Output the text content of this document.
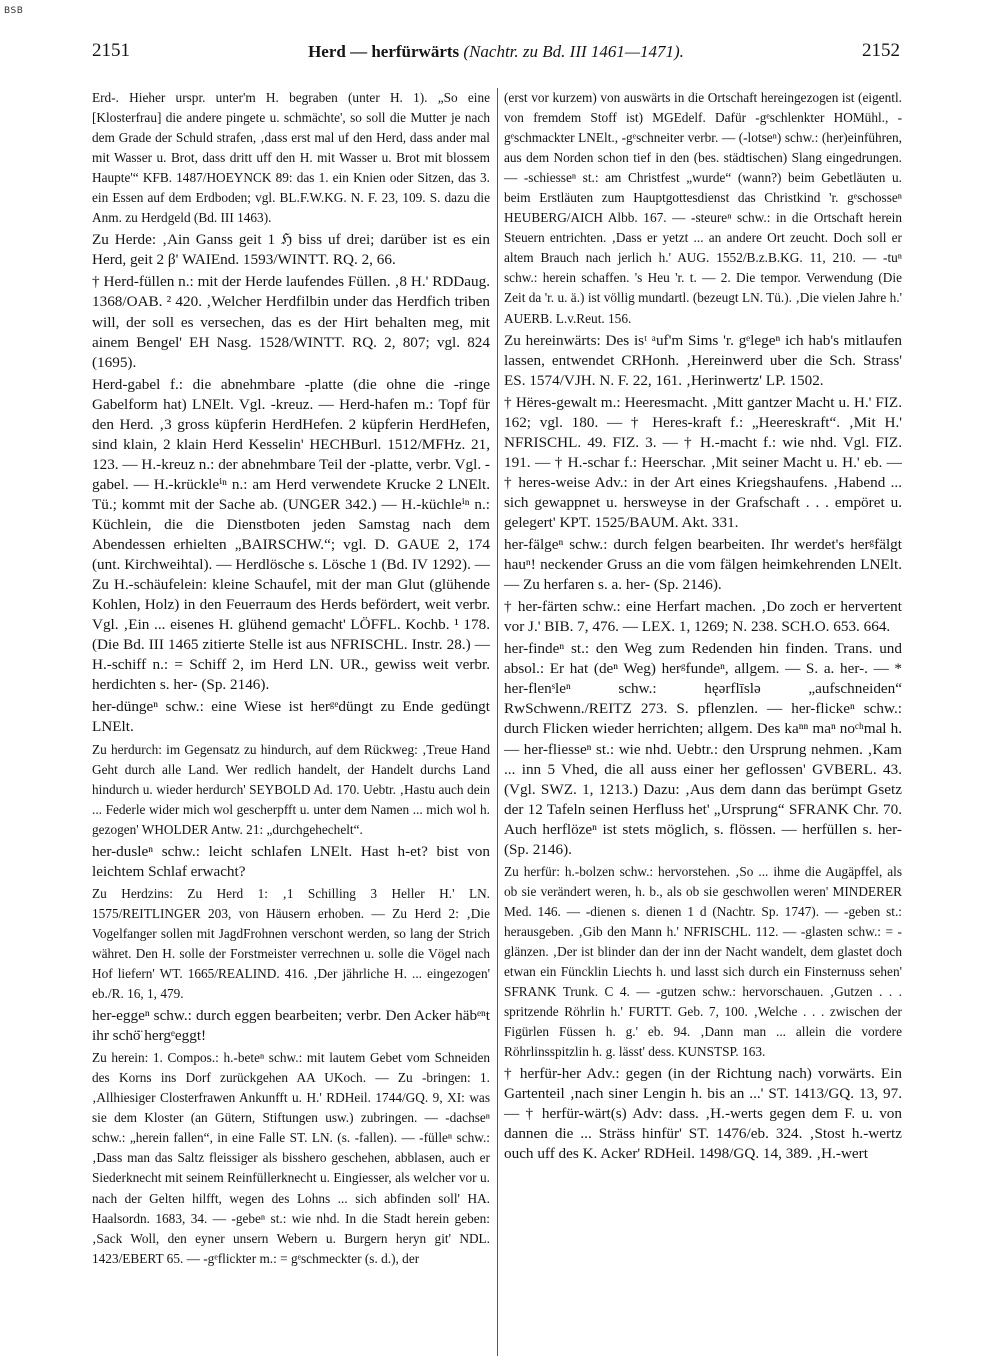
BSB
2151	Herd — herfürwärts (Nachtr. zu Bd. III 1461—1471).	2152

Erd-. Hieher urspr. unter'm H. begraben (unter H. 1). „So eine [Klosterfrau] die andere pingete u. schmächte', so soll die Mutter je nach dem Grade der Schuld strafen, ‚dass erst mal uf den Herd, dass ander mal mit Wasser u. Brot, dass dritt uff den H. mit Wasser u. Brot mit blossem Haupte'“ KFB. 1487/HOEYNCK 89: das 1. ein Knien oder Sitzen, das 3. ein Essen auf dem Erdboden; vgl. BL.F.W.KG. N. F. 23, 109. S. dazu die Anm. zu Herdgeld (Bd. III 1463).

Zu Herde: ‚Ain Ganss geit 1 ℌ biss uf drei; darüber ist es ein Herd, geit 2 β' WAIEnd. 1593/WINTT. RQ. 2, 66.

† Herd-füllen n.: mit der Herde laufendes Füllen. ‚8 H.' RDDaug. 1368/OAB. ² 420. ‚Welcher Herdfilbin under das Herdfich triben will, der soll es versechen, das es der Hirt behalten meg, mit ainem Bengel' EH Nasg. 1528/WINTT. RQ. 2, 807; vgl. 824 (1695).

Herd-gabel f.: die abnehmbare -platte (die ohne die -ringe Gabelform hat) LNElt. Vgl. -kreuz. — Herd-hafen m.: Topf für den Herd. ‚3 gross küpferin HerdHefen. 2 küpferin HerdHefen, sind klain, 2 klain Herd Kesselin' HECHBurl. 1512/MFHz. 21, 123. — H.-kreuz n.: der abnehmbare Teil der -platte, verbr. Vgl. -gabel. — H.-krückleⁱⁿ n.: am Herd verwendete Krucke 2 LNElt. Tü.; kommt mit der Sache ab. (UNGER 342.) — H.-küchleⁱⁿ n.: Küchlein, die die Dienstboten jeden Samstag nach dem Abendessen erhielten „BAIRSCHW.“; vgl. D. GAUE 2, 174 (unt. Kirchweihtal). — Herdlösche s. Lösche 1 (Bd. IV 1292). — Zu H.-schäufelein: kleine Schaufel, mit der man Glut (glühende Kohlen, Holz) in den Feuerraum des Herds befördert, weit verbr. Vgl. ‚Ein ... eisenes H. glühend gemacht' LÖFFL. Kochb. ¹ 178. (Die Bd. III 1465 zitierte Stelle ist aus NFRISCHL. Instr. 28.) — H.-schiff n.: = Schiff 2, im Herd LN. UR., gewiss weit verbr. herdichten s. her- (Sp. 2146).

her-düngeⁿ schw.: eine Wiese ist herᵍᵉdüngt zu Ende gedüngt LNElt.

Zu herdurch: im Gegensatz zu hindurch, auf dem Rückweg: ‚Treue Hand Geht durch alle Land. Wer redlich handelt, der Handelt durchs Land hindurch u. wieder herdurch' SEYBOLD Ad. 170. Uebtr. ‚Hastu auch dein ... Federle wider mich wol gescherpfft u. unter dem Namen ... mich wol h. gezogen' WHOLDER Antw. 21: „durchgehechelt“.

her-dusleⁿ schw.: leicht schlafen LNElt. Hast h-et? bist von leichtem Schlaf erwacht?

Zu Herdzins: Zu Herd 1: ‚1 Schilling 3 Heller H.' LN. 1575/REITLINGER 203, von Häusern erhoben. — Zu Herd 2: ‚Die Vogelfanger sollen mit JagdFrohnen verschont werden, so lang der Strich währet. Den H. solle der Forstmeister verrechnen u. solle die Vögel nach Hof liefern' WT. 1665/REALIND. 416. ‚Der jährliche H. ... eingezogen' eb./R. 16, 1, 479.

her-eggeⁿ schw.: durch eggen bearbeiten; verbr. Den Acker häbᵉⁿt ihr schö̈ hergᵉeggt!

Zu herein: 1. Compos.: h.-beteⁿ schw.: mit lautem Gebet vom Schneiden des Korns ins Dorf zurückgehen AA UKoch. — Zu -bringen: 1. ‚Allhiesiger Closterfrawen Ankunfft u. H.' RDHeil. 1744/GQ. 9, XI: was sie dem Kloster (an Gütern, Stiftungen usw.) zubringen. — -dachseⁿ schw.: „herein fallen“, in eine Falle ST. LN. (s. -fallen). — -fülleⁿ schw.: ‚Dass man das Saltz fleissiger als bisshero geschehen, abblasen, auch er Siederknecht mit seinem Reinfüllerknecht u. Eingiesser, als welcher vor u. nach der Gelten hilfft, wegen des Lohns ... sich abfinden soll' HA. Haalsordn. 1683, 34. — -gebeⁿ st.: wie nhd. In die Stadt herein geben: ‚Sack Woll, den eyner unsern Webern u. Burgern heryn git' NDL. 1423/EBERT 65. — -gᵉflickter m.: = gᵉschmeckter (s. d.), der

(erst vor kurzem) von auswärts in die Ortschaft hereingezogen ist (eigentl. von fremdem Stoff ist) MGEdelf. Dafür -gᵉschlenkter HOMühl., -gᵉschmackter LNElt., -gᵉschneiter verbr. — (-lotseⁿ) schw.: (her)einführen, aus dem Norden schon tief in den (bes. städtischen) Slang eingedrungen. — -schiesseⁿ st.: am Christfest „wurde“ (wann?) beim Gebetläuten u. beim Erstläuten zum Hauptgottesdienst das Christkind 'r. gᵉschosseⁿ HEUBERG/AICH Albb. 167. — -steureⁿ schw.: in die Ortschaft herein Steuern entrichten. ‚Dass er yetzt ... an andere Ort zeucht. Doch soll er altem Brauch nach jerlich h.' AUG. 1552/B.z.B.KG. 11, 210. — -tuⁿ schw.: herein schaffen. 's Heu 'r. t. — 2. Die tempor. Verwendung (Die Zeit da 'r. u. ä.) ist völlig mundartl. (bezeugt LN. Tü.). ‚Die vielen Jahre h.' AUERB. L.v.Reut. 156.

Zu hereinwärts: Des isᵗ ᵃuf'm Sims 'r. gᵉlegeⁿ ich hab's mitlaufen lassen, entwendet CRHonh. ‚Hereinwerd uber die Sch. Strass' ES. 1574/VJH. N. F. 22, 161. ‚Herinwertz' LP. 1502.

† Hëres-gewalt m.: Heeresmacht. ‚Mitt gantzer Macht u. H.' FIZ. 162; vgl. 180. — † Heres-kraft f.: „Heereskraft“. ‚Mit H.' NFRISCHL. 49. FIZ. 3. — † H.-macht f.: wie nhd. Vgl. FIZ. 191. — † H.-schar f.: Heerschar. ‚Mit seiner Macht u. H.' eb. — † heres-weise Adv.: in der Art eines Kriegshaufens. ‚Habend ... sich gewappnet u. hersweyse in der Grafschaft . . . empöret u. gelegert' KPT. 1525/BAUM. Akt. 331.

her-fälgeⁿ schw.: durch felgen bearbeiten. Ihr werdet's herᵍfälgt hauⁿ! neckender Gruss an die vom fälgen heimkehrenden LNElt. — Zu herfaren s. a. her- (Sp. 2146).

† her-färten schw.: eine Herfart machen. ‚Do zoch er hervertent vor J.' BIB. 7, 476. — LEX. 1, 1269; N. 238. SCH.O. 653. 664.

her-findeⁿ st.: den Weg zum Redenden hin finden. Trans. und absol.: Er hat (deⁿ Weg) herᵍfundeⁿ, allgem. — S. a. her-. — * her-flenˢleⁿ schw.: hęərflīslə „aufschneiden“ RwSchwenn./REITZ 273. S. pflenzlen. — her-flickeⁿ schw.: durch Flicken wieder herrichten; allgem. Des kaⁿⁿ maⁿ noᶜʰmal h. — her-fliesseⁿ st.: wie nhd. Uebtr.: den Ursprung nehmen. ‚Kam ... inn 5 Vhed, die all auss einer her geflossen' GVBERL. 43. (Vgl. SWZ. 1, 1213.) Dazu: ‚Aus dem dann das berümpt Gsetz der 12 Tafeln seinen Herfluss het' „Ursprung“ SFRANK Chr. 70. Auch herflözeⁿ ist stets möglich, s. flössen. — herfüllen s. her- (Sp. 2146).

Zu herfür: h.-bolzen schw.: hervorstehen. ‚So ... ihme die Augäpffel, als ob sie verändert weren, h. b., als ob sie geschwollen weren' MINDERER Med. 146. — -dienen s. dienen 1 d (Nachtr. Sp. 1747). — -geben st.: herausgeben. ‚Gib den Mann h.' NFRISCHL. 112. — -glasten schw.: = -glänzen. ‚Der ist blinder dan der inn der Nacht wandelt, dem glastet doch etwan ein Füncklin Liechts h. und lasst sich durch ein Finsternuss sehen' SFRANK Trunk. C 4. — -gutzen schw.: hervorschauen. ‚Gutzen . . . spritzende Röhrlin h.' FURTT. Geb. 7, 100. ‚Welche . . . zwischen der Figürlen Füssen h. g.' eb. 94. ‚Dann man ... allein die vordere Röhrlinsspitzlin h. g. lässt' dess. KUNSTSP. 163.

† herfür-her Adv.: gegen (in der Richtung nach) vorwärts. Ein Gartenteil ‚nach siner Lengin h. bis an ...' ST. 1413/GQ. 13, 97. — † herfür-wärt(s) Adv: dass. ‚H.-werts gegen dem F. u. von dannen die ... Sträss hinfür' ST. 1476/eb. 324. ‚Stost h.-wertz ouch uff des K. Acker' RDHeil. 1498/GQ. 14, 389. ‚H.-wert
